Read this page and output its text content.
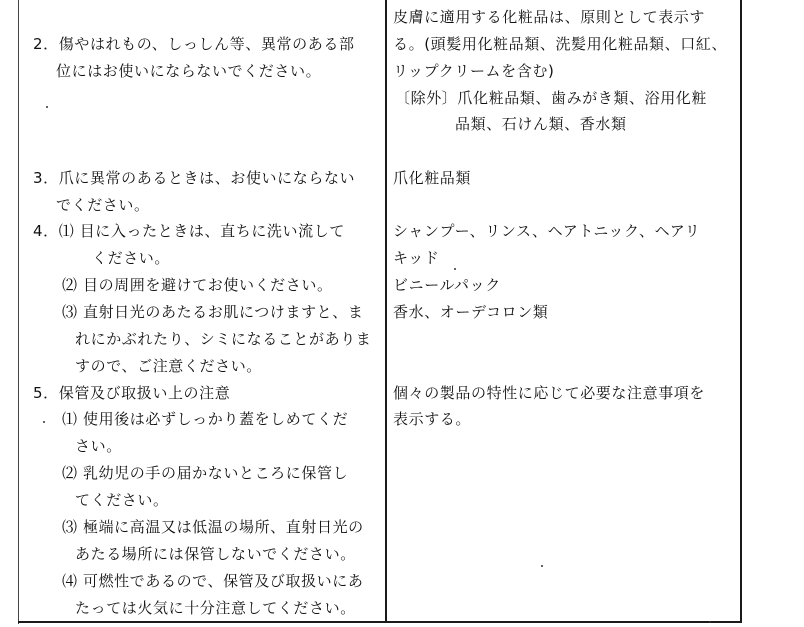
2．傷やはれもの、しっしん等、異常のある部
位にはお使いにならないでください。
3．爪に異常のあるときは、お使いにならない
でください。
4．⑴ 目に入ったときは、直ちに洗い流して
ください。
⑵ 目の周囲を避けてお使いください。
⑶ 直射日光のあたるお肌につけますと、ま
れにかぶれたり、シミになることがありま
すので、ご注意ください。
5．保管及び取扱い上の注意
⑴ 使用後は必ずしっかり蓋をしめてくだ
さい。
⑵ 乳幼児の手の届かないところに保管し
てください。
⑶ 極端に高温又は低温の場所、直射日光の
あたる場所には保管しないでください。
⑷ 可燃性であるので、保管及び取扱いにあ
たっては火気に十分注意してください。
皮膚に適用する化粧品は、原則として表示す
る。(頭髪用化粧品類、洗髪用化粧品類、口紅、
リップクリームを含む)
〔除外〕爪化粧品類、歯みがき類、浴用化粧
品類、石けん類、香水類
爪化粧品類
シャンプー、リンス、ヘアトニック、ヘアリ
キッド
ビニールパック
香水、オーデコロン類
個々の製品の特性に応じて必要な注意事項を
表示する。
